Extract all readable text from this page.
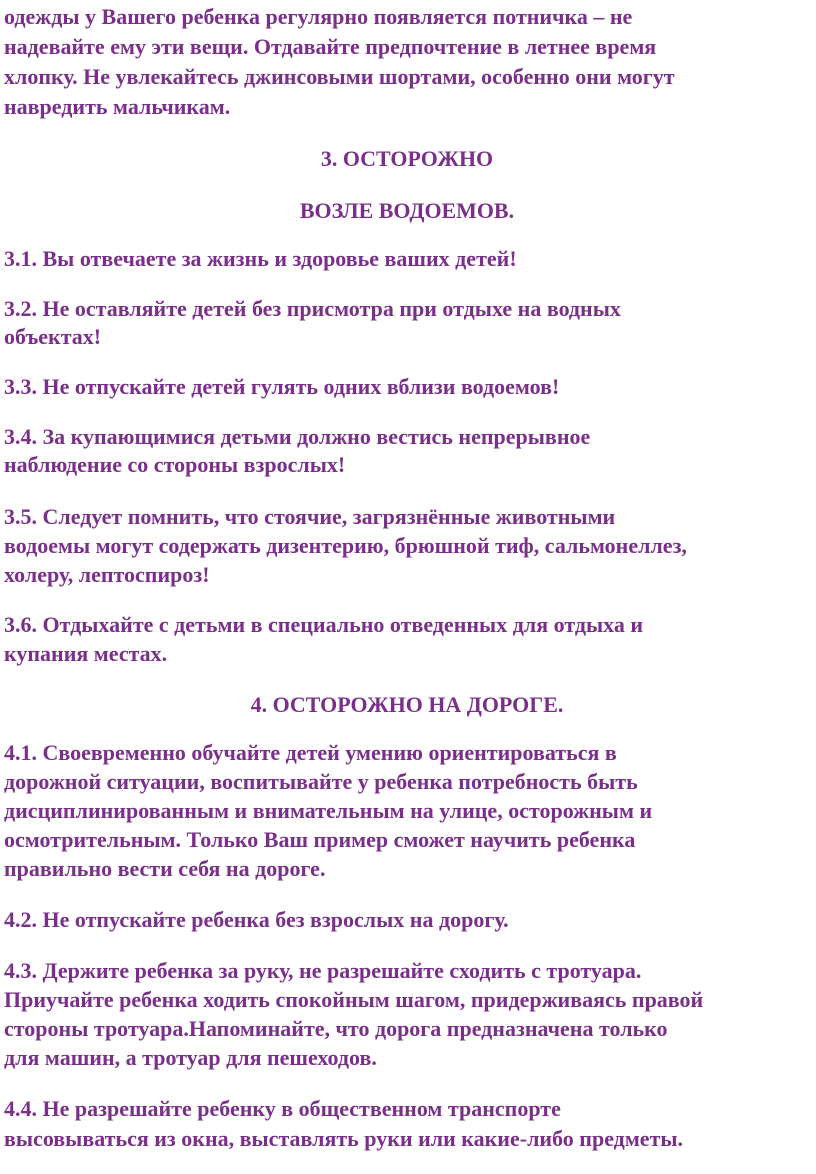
одежды у Вашего ребенка регулярно появляется потничка – не
надевайте ему эти вещи. Отдавайте предпочтение в летнее время
хлопку. Не увлекайтесь джинсовыми шортами, особенно они могут
навредить мальчикам.
3. ОСТОРОЖНО
ВОЗЛЕ ВОДОЕМОВ.
3.1. Вы отвечаете за жизнь и здоровье ваших детей!
3.2. Не оставляйте детей без присмотра при отдыхе на водных
объектах!
3.3. Не отпускайте детей гулять одних вблизи водоемов!
3.4. За купающимися детьми должно вестись непрерывное
наблюдение со стороны взрослых!
3.5. Следует помнить, что стоячие, загрязнённые животными
водоемы могут содержать дизентерию, брюшной тиф, сальмонеллез,
холеру, лептоспироз!
3.6. Отдыхайте с детьми в специально отведенных для отдыха и
купания местах.
4. ОСТОРОЖНО НА ДОРОГЕ.
4.1. Своевременно обучайте детей умению ориентироваться в
дорожной ситуации, воспитывайте у ребенка потребность быть
дисциплинированным и внимательным на улице, осторожным и
осмотрительным. Только Ваш пример сможет научить ребенка
правильно вести себя на дороге.
4.2. Не отпускайте ребенка без взрослых на дорогу.
4.3. Держите ребенка за руку, не разрешайте сходить с тротуара.
Приучайте ребенка ходить спокойным шагом, придерживаясь правой
стороны тротуара.Напоминайте, что дорога предназначена только
для машин, а тротуар для пешеходов.
4.4. Не разрешайте ребенку в общественном транспорте
высовываться из окна, выставлять руки или какие-либо предметы.
